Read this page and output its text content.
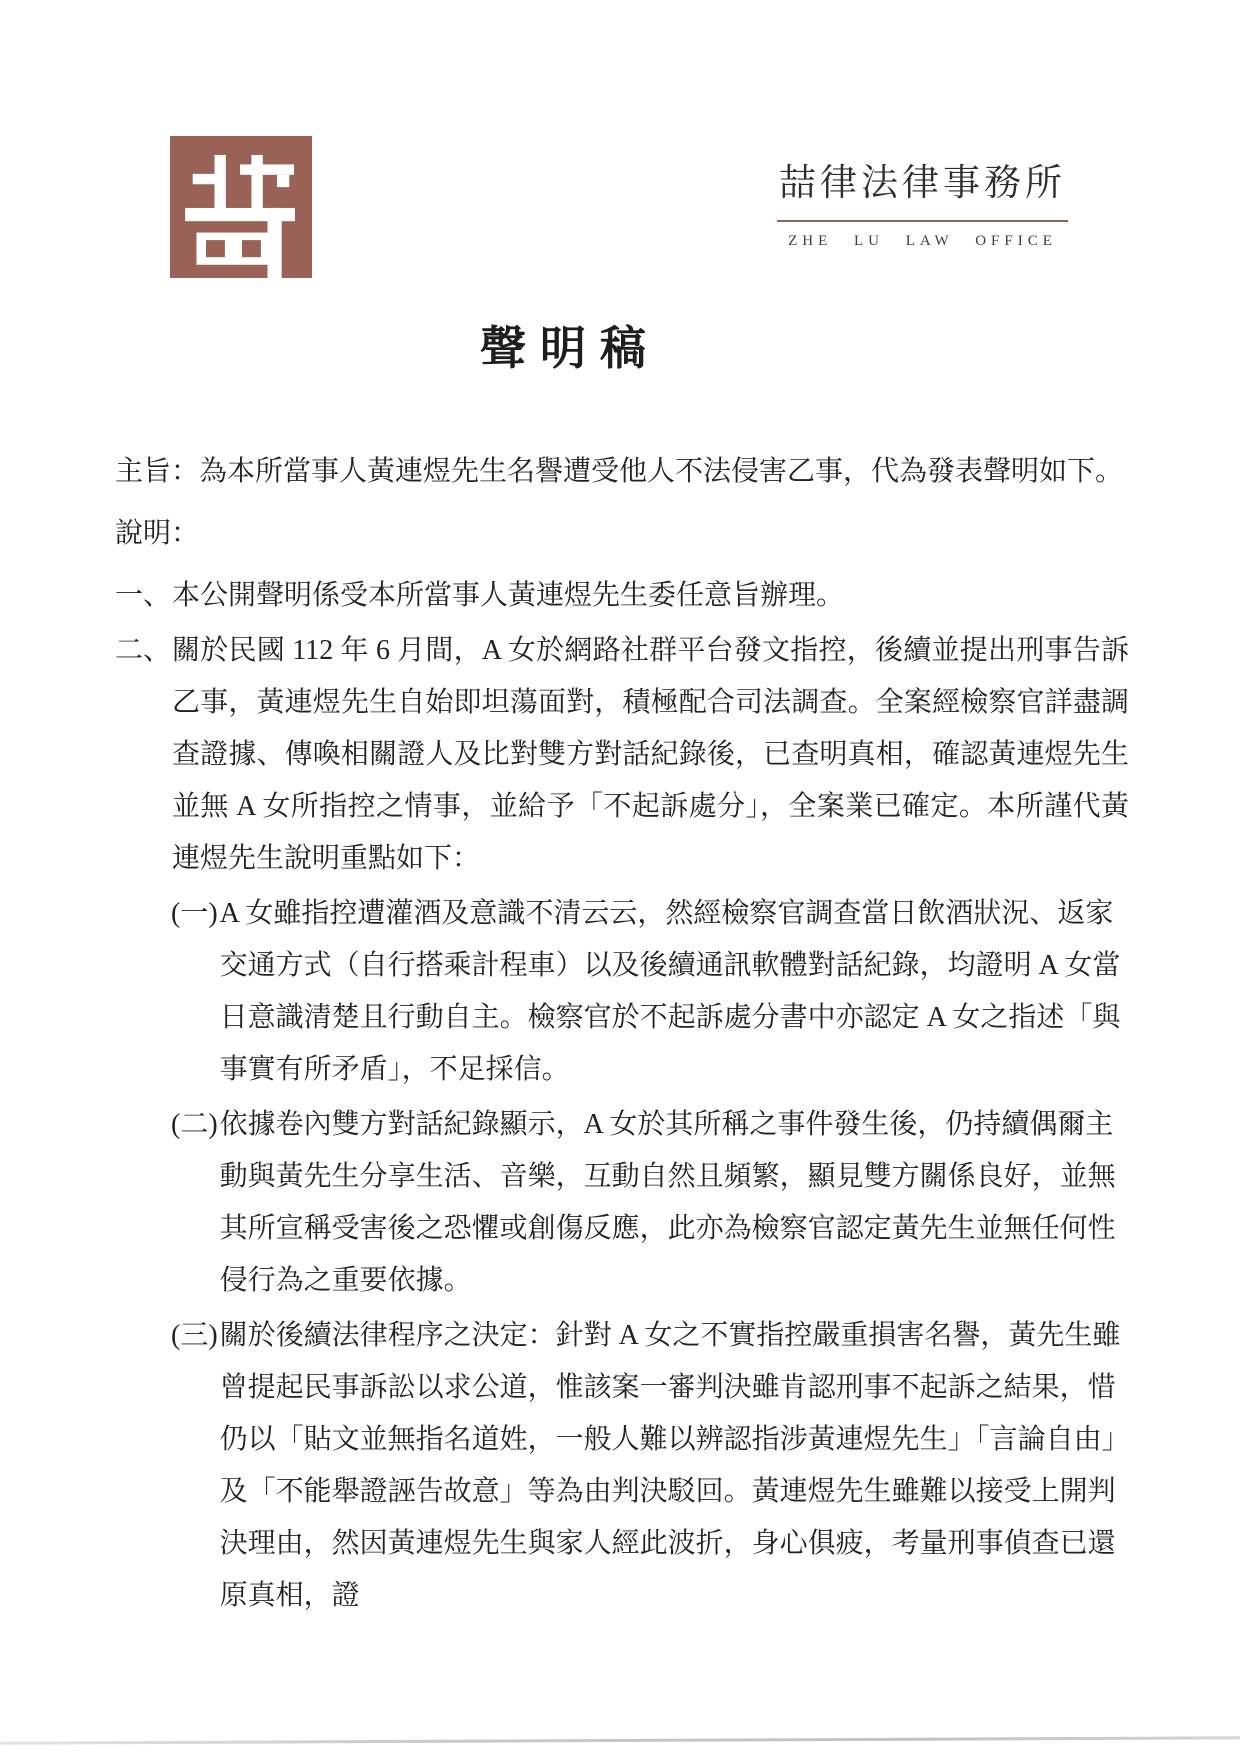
喆律法律事務所
ZHE LU LAW OFFICE
聲明稿
主旨：為本所當事人黃連煜先生名譽遭受他人不法侵害乙事，代為發表聲明如下。
說明：
一、 本公開聲明係受本所當事人黃連煜先生委任意旨辦理。
二、 關於民國 112 年 6 月間，A 女於網路社群平台發文指控，後續並提出刑事告訴乙事，黃連煜先生自始即坦蕩面對，積極配合司法調查。全案經檢察官詳盡調查證據、傳喚相關證人及比對雙方對話紀錄後，已查明真相，確認黃連煜先生並無 A 女所指控之情事，並給予「不起訴處分」，全案業已確定。本所謹代黃連煜先生說明重點如下：
(一) A 女雖指控遭灌酒及意識不清云云，然經檢察官調查當日飲酒狀況、返家交通方式（自行搭乘計程車）以及後續通訊軟體對話紀錄，均證明 A 女當日意識清楚且行動自主。檢察官於不起訴處分書中亦認定 A 女之指述「與事實有所矛盾」，不足採信。
(二) 依據卷內雙方對話紀錄顯示，A 女於其所稱之事件發生後，仍持續偶爾主動與黃先生分享生活、音樂，互動自然且頻繁，顯見雙方關係良好，並無其所宣稱受害後之恐懼或創傷反應，此亦為檢察官認定黃先生並無任何性侵行為之重要依據。
(三) 關於後續法律程序之決定：針對 A 女之不實指控嚴重損害名譽，黃先生雖曾提起民事訴訟以求公道，惟該案一審判決雖肯認刑事不起訴之結果，惜仍以「貼文並無指名道姓，一般人難以辨認指涉黃連煜先生」「言論自由」及「不能舉證誣告故意」等為由判決駁回。黃連煜先生雖難以接受上開判決理由，然因黃連煜先生與家人經此波折，身心俱疲，考量刑事偵查已還原真相，證
